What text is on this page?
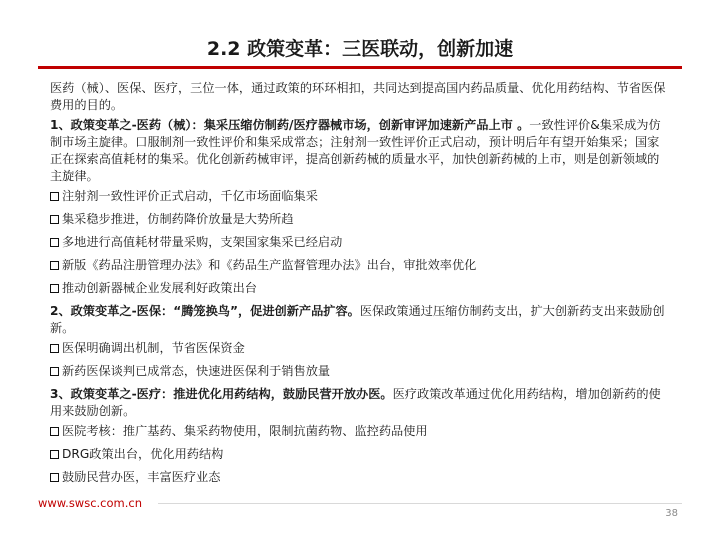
2.2 政策变革：三医联动，创新加速

医药（械）、医保、医疗，三位一体，通过政策的环环相扣，共同达到提高国内药品质量、优化用药结构、节省医保费用的目的。

1、政策变革之-医药（械）：集采压缩仿制药/医疗器械市场，创新审评加速新产品上市 。一致性评价&集采成为仿制市场主旋律。口服制剂一致性评价和集采成常态；注射剂一致性评价正式启动，预计明后年有望开始集采；国家正在探索高值耗材的集采。优化创新药械审评，提高创新药械的质量水平，加快创新药械的上市，则是创新领域的主旋律。

注射剂一致性评价正式启动，千亿市场面临集采
集采稳步推进，仿制药降价放量是大势所趋
多地进行高值耗材带量采购，支架国家集采已经启动
新版《药品注册管理办法》和《药品生产监督管理办法》出台，审批效率优化
推动创新器械企业发展利好政策出台

2、政策变革之-医保：“腾笼换鸟”，促进创新产品扩容。医保政策通过压缩仿制药支出，扩大创新药支出来鼓励创新。

医保明确调出机制，节省医保资金
新药医保谈判已成常态，快速进医保利于销售放量

3、政策变革之-医疗：推进优化用药结构，鼓励民营开放办医。医疗政策改革通过优化用药结构，增加创新药的使用来鼓励创新。

医院考核：推广基药、集采药物使用，限制抗菌药物、监控药品使用
DRG政策出台，优化用药结构
鼓励民营办医，丰富医疗业态
www.swsc.com.cn
38
